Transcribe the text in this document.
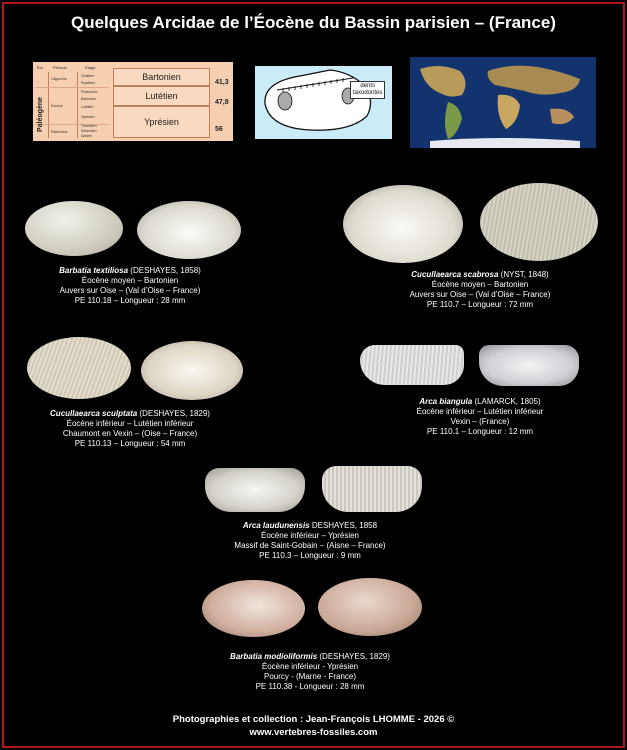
Quelques Arcidae de l’Éocène du Bassin parisien – (France)
Ère Période	Étage
Paléogène
Oligocène
Éocène
Paléocène
Chattien
Rupélien
Priabonien
Bartonien
Lutétien
Yprésien
Thanétien
Sélandien
Danien
Bartonien
Lutétien
Yprésien
41,3
47,8
56
dents
taxodontes
Barbatia textiliosa (DESHAYES, 1858)
Éocène moyen – Bartonien
Auvers sur Oise – (Val d’Oise – France)
PE 110.18 – Longueur : 28 mm
Cucullaearca scabrosa (NYST, 1848)
Éocène moyen – Bartonien
Auvers sur Oise – (Val d’Oise – France)
PE 110.7 – Longueur : 72 mm
Cucullaearca sculptata (DESHAYES, 1829)
Éocène inférieur – Lutétien inférieur
Chaumont en Vexin – (Oise – France)
PE 110.13 – Longueur : 54 mm
Arca biangula (LAMARCK, 1805)
Éocène inférieur – Lutétien inférieur
Vexin – (France)
PE 110.1 – Longueur : 12 mm
Arca laudunensis DESHAYES, 1858
Éocène inférieur – Yprésien
Massif de Saint-Gobain – (Aisne – France)
PE 110.3 – Longueur : 9 mm
Barbatia modioliformis (DESHAYES, 1829)
Éocène inférieur - Yprésien
Pourcy - (Marne - France)
PE 110.38 - Longueur : 28 mm
Photographies et collection : Jean-François LHOMME - 2026 ©
www.vertebres-fossiles.com
